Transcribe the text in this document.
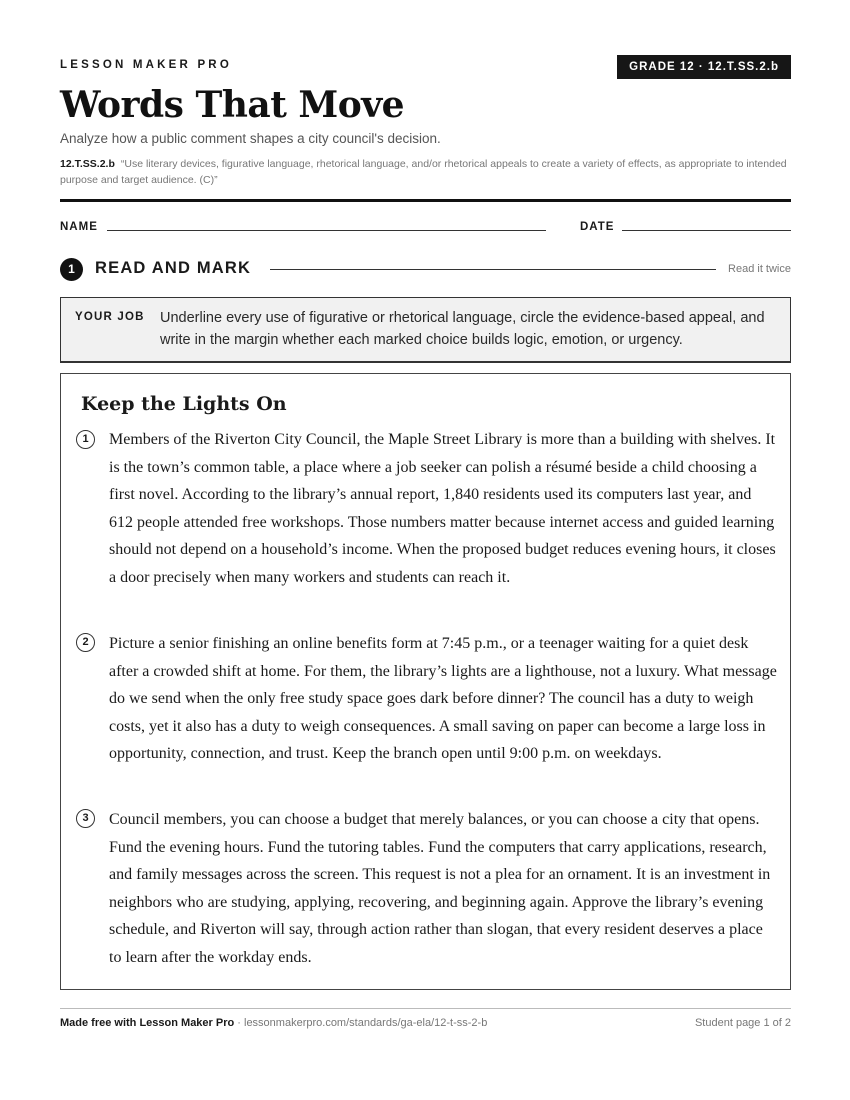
LESSON MAKER PRO	GRADE 12 · 12.T.SS.2.b
Words That Move
Analyze how a public comment shapes a city council's decision.
12.T.SS.2.b “Use literary devices, figurative language, rhetorical language, and/or rhetorical appeals to create a variety of effects, as appropriate to intended purpose and target audience. (C)”
NAME	DATE
1	READ AND MARK	Read it twice
YOUR JOB Underline every use of figurative or rhetorical language, circle the evidence-based appeal, and write in the margin whether each marked choice builds logic, emotion, or urgency.
Keep the Lights On
1	Members of the Riverton City Council, the Maple Street Library is more than a building with shelves. It is the town’s common table, a place where a job seeker can polish a résumé beside a child choosing a first novel. According to the library’s annual report, 1,840 residents used its computers last year, and 612 people attended free workshops. Those numbers matter because internet access and guided learning should not depend on a household’s income. When the proposed budget reduces evening hours, it closes a door precisely when many workers and students can reach it.
2	Picture a senior finishing an online benefits form at 7:45 p.m., or a teenager waiting for a quiet desk after a crowded shift at home. For them, the library’s lights are a lighthouse, not a luxury. What message do we send when the only free study space goes dark before dinner? The council has a duty to weigh costs, yet it also has a duty to weigh consequences. A small saving on paper can become a large loss in opportunity, connection, and trust. Keep the branch open until 9:00 p.m. on weekdays.
3	Council members, you can choose a budget that merely balances, or you can choose a city that opens. Fund the evening hours. Fund the tutoring tables. Fund the computers that carry applications, research, and family messages across the screen. This request is not a plea for an ornament. It is an investment in neighbors who are studying, applying, recovering, and beginning again. Approve the library’s evening schedule, and Riverton will say, through action rather than slogan, that every resident deserves a place to learn after the workday ends.
Made free with Lesson Maker Pro · lessonmakerpro.com/standards/ga-ela/12-t-ss-2-b	Student page 1 of 2
